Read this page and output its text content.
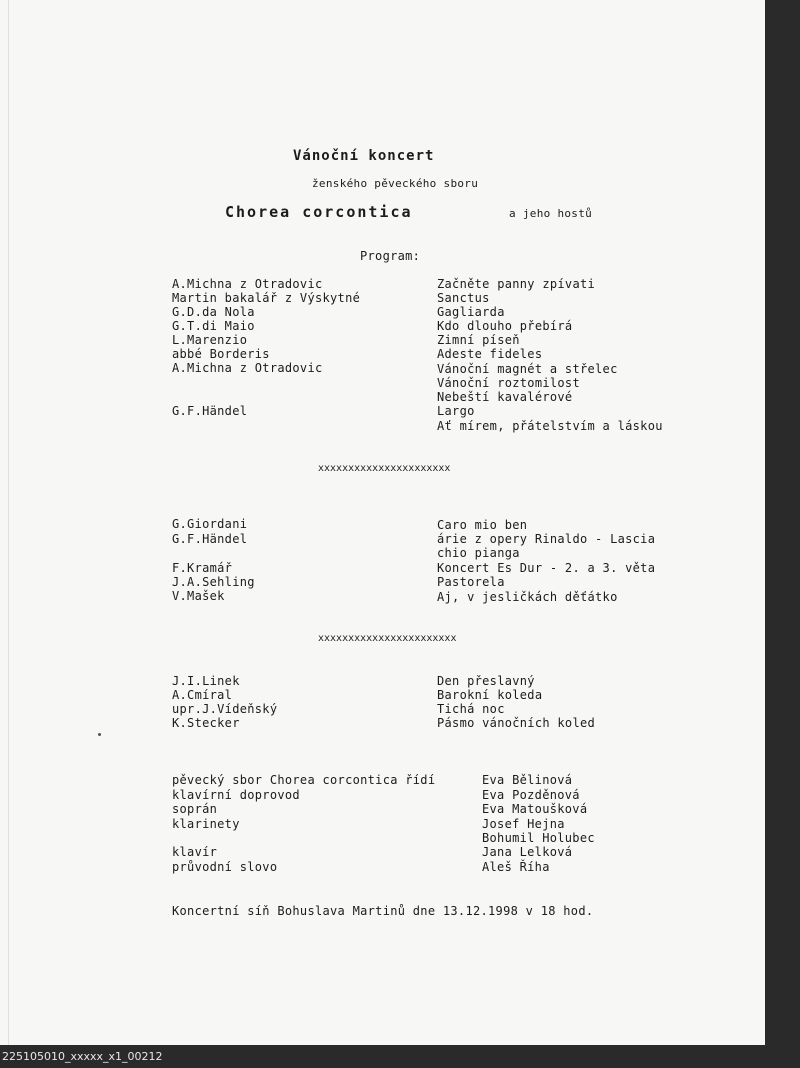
Vánoční koncert
ženského pěveckého sboru
Chorea corcontica	a jeho hostů
Program:
A.Michna z Otradovic	Začněte panny zpívati
Martin bakalář z Výskytné	Sanctus
G.D.da Nola	Gagliarda
G.T.di Maio	Kdo dlouho přebírá
L.Marenzio	Zimní píseň
abbé Borderis	Adeste fideles
A.Michna z Otradovic	Vánoční magnét a střelec
Vánoční roztomilost
Nebeští kavalérové
G.F.Händel	Largo
Ať mírem, přátelstvím a láskou
xxxxxxxxxxxxxxxxxxxxxx
G.Giordani	Caro mio ben
G.F.Händel	árie z opery Rinaldo - Lascia
chio pianga
F.Kramář	Koncert Es Dur - 2. a 3. věta
J.A.Sehling	Pastorela
V.Mašek	Aj, v jesličkách děťátko
xxxxxxxxxxxxxxxxxxxxxxx
J.I.Linek	Den přeslavný
A.Cmíral	Barokní koleda
upr.J.Vídeňský	Tichá noc
K.Stecker	Pásmo vánočních koled
pěvecký sbor Chorea corcontica řídí	Eva Bělinová
klavírní doprovod	Eva Pozděnová
soprán	Eva Matoušková
klarinety	Josef Hejna
Bohumil Holubec
klavír	Jana Lelková
průvodní slovo	Aleš Říha
Koncertní síň Bohuslava Martinů dne 13.12.1998 v 18 hod.
225105010_xxxxx_x1_00212
